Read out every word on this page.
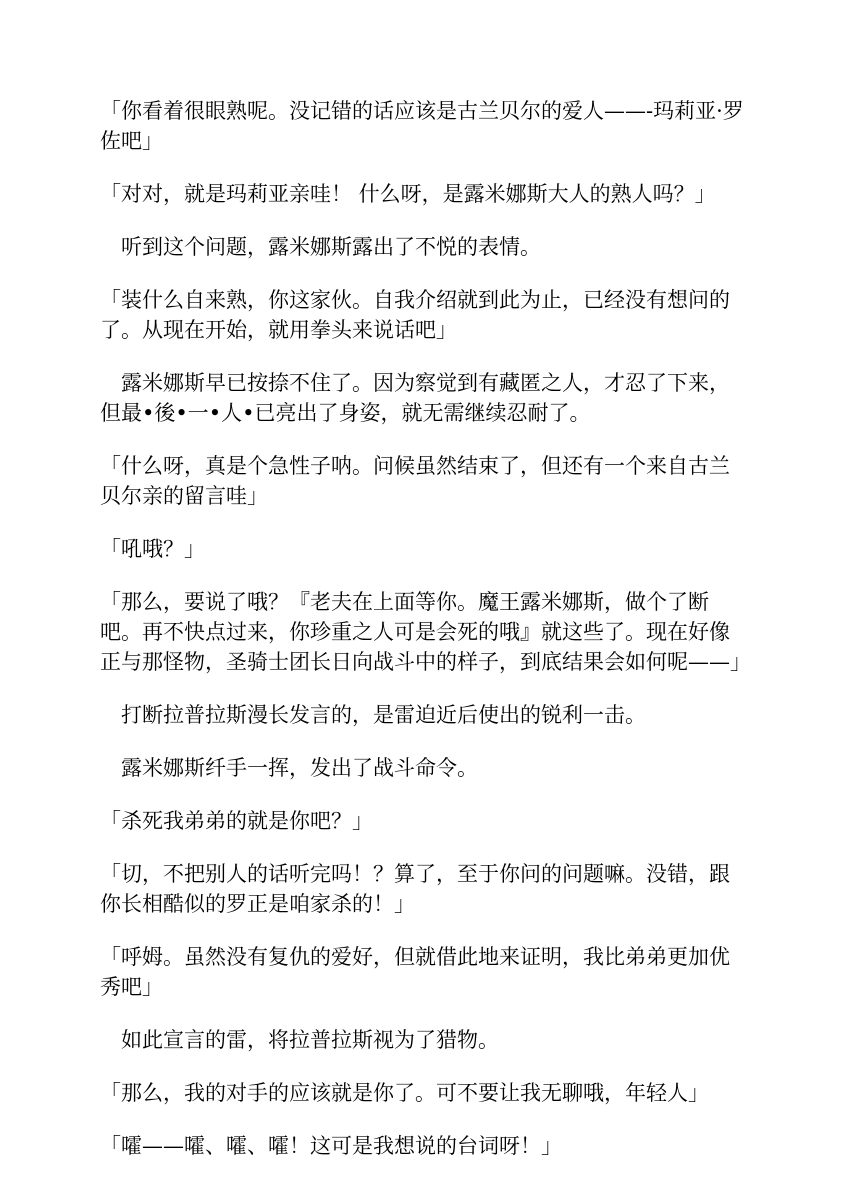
「你看着很眼熟呢。没记错的话应该是古兰贝尔的爱人——-玛莉亚·罗佐吧」

「对对，就是玛莉亚亲哇！ 什么呀，是露米娜斯大人的熟人吗？」

听到这个问题，露米娜斯露出了不悦的表情。

「装什么自来熟，你这家伙。自我介绍就到此为止，已经没有想问的了。从现在开始，就用拳头来说话吧」

露米娜斯早已按捺不住了。因为察觉到有藏匿之人，才忍了下来，但最•後•一•人•已亮出了身姿，就无需继续忍耐了。

「什么呀，真是个急性子呐。问候虽然结束了，但还有一个来自古兰贝尔亲的留言哇」

「吼哦？」

「那么，要说了哦？『老夫在上面等你。魔王露米娜斯，做个了断吧。再不快点过来，你珍重之人可是会死的哦』就这些了。现在好像正与那怪物，圣骑士团长日向战斗中的样子，到底结果会如何呢——」

打断拉普拉斯漫长发言的，是雷迫近后使出的锐利一击。

露米娜斯纤手一挥，发出了战斗命令。

「杀死我弟弟的就是你吧？」

「切，不把别人的话听完吗！？算了，至于你问的问题嘛。没错，跟你长相酷似的罗正是咱家杀的！」

「呼姆。虽然没有复仇的爱好，但就借此地来证明，我比弟弟更加优秀吧」

如此宣言的雷，将拉普拉斯视为了猎物。

「那么，我的对手的应该就是你了。可不要让我无聊哦，年轻人」

「嚯——嚯、嚯、嚯！这可是我想说的台词呀！」
